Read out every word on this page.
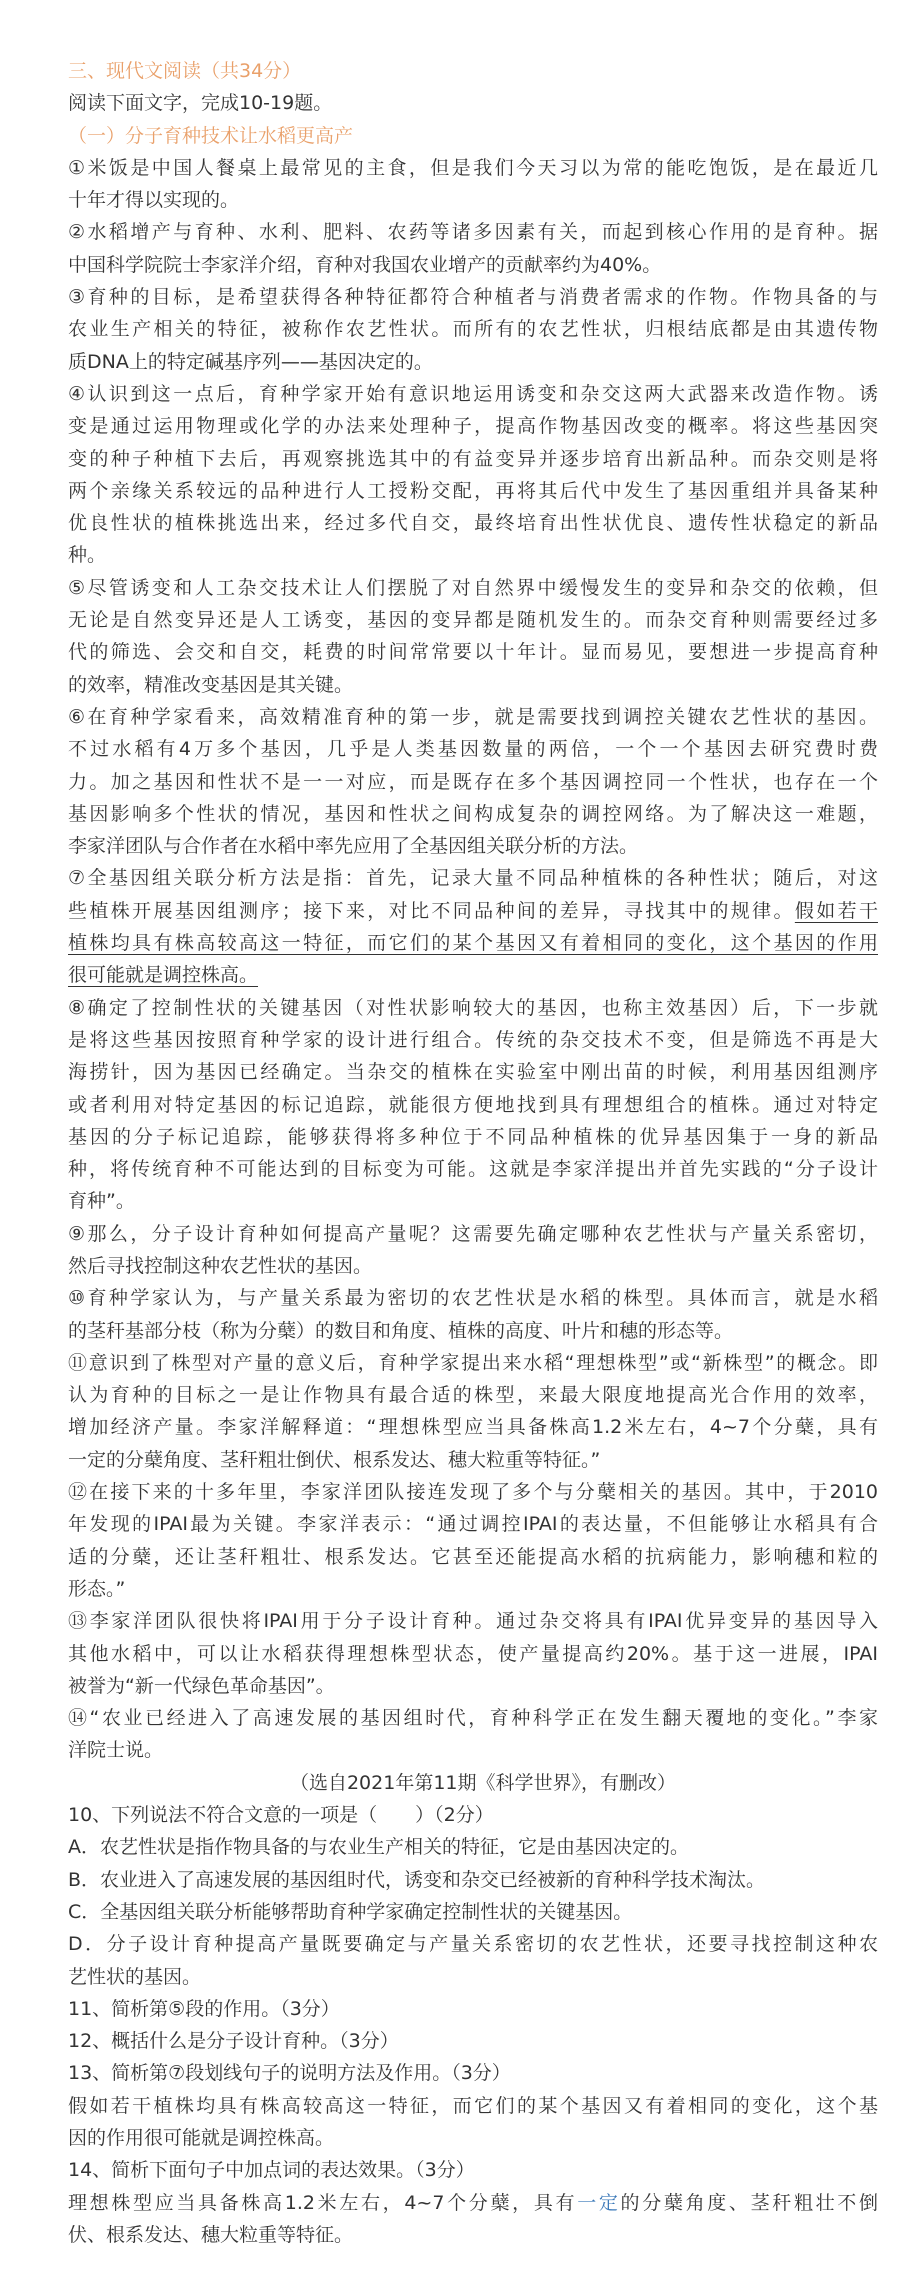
三、现代文阅读（共34分）
阅读下面文字，完成10-19题。
（一）分子育种技术让水稻更高产
①米饭是中国人餐桌上最常见的主食，但是我们今天习以为常的能吃饱饭，是在最近几
十年才得以实现的。
②水稻增产与育种、水利、肥料、农药等诸多因素有关，而起到核心作用的是育种。据
中国科学院院士李家洋介绍，育种对我国农业增产的贡献率约为40%。
③育种的目标，是希望获得各种特征都符合种植者与消费者需求的作物。作物具备的与
农业生产相关的特征，被称作农艺性状。而所有的农艺性状，归根结底都是由其遗传物
质DNA上的特定碱基序列——基因决定的。
④认识到这一点后，育种学家开始有意识地运用诱变和杂交这两大武器来改造作物。诱
变是通过运用物理或化学的办法来处理种子，提高作物基因改变的概率。将这些基因突
变的种子种植下去后，再观察挑选其中的有益变异并逐步培育出新品种。而杂交则是将
两个亲缘关系较远的品种进行人工授粉交配，再将其后代中发生了基因重组并具备某种
优良性状的植株挑选出来，经过多代自交，最终培育出性状优良、遗传性状稳定的新品
种。
⑤尽管诱变和人工杂交技术让人们摆脱了对自然界中缓慢发生的变异和杂交的依赖，但
无论是自然变异还是人工诱变，基因的变异都是随机发生的。而杂交育种则需要经过多
代的筛选、会交和自交，耗费的时间常常要以十年计。显而易见，要想进一步提高育种
的效率，精准改变基因是其关键。
⑥在育种学家看来，高效精准育种的第一步，就是需要找到调控关键农艺性状的基因。
不过水稻有4万多个基因，几乎是人类基因数量的两倍，一个一个基因去研究费时费
力。加之基因和性状不是一一对应，而是既存在多个基因调控同一个性状，也存在一个
基因影响多个性状的情况，基因和性状之间构成复杂的调控网络。为了解决这一难题，
李家洋团队与合作者在水稻中率先应用了全基因组关联分析的方法。
⑦全基因组关联分析方法是指：首先，记录大量不同品种植株的各种性状；随后，对这
些植株开展基因组测序；接下来，对比不同品种间的差异，寻找其中的规律。假如若干
植株均具有株高较高这一特征，而它们的某个基因又有着相同的变化，这个基因的作用
很可能就是调控株高。
⑧确定了控制性状的关键基因（对性状影响较大的基因，也称主效基因）后，下一步就
是将这些基因按照育种学家的设计进行组合。传统的杂交技术不变，但是筛选不再是大
海捞针，因为基因已经确定。当杂交的植株在实验室中刚出苗的时候，利用基因组测序
或者利用对特定基因的标记追踪，就能很方便地找到具有理想组合的植株。通过对特定
基因的分子标记追踪，能够获得将多种位于不同品种植株的优异基因集于一身的新品
种，将传统育种不可能达到的目标变为可能。这就是李家洋提出并首先实践的“分子设计
育种”。
⑨那么，分子设计育种如何提高产量呢？这需要先确定哪种农艺性状与产量关系密切，
然后寻找控制这种农艺性状的基因。
⑩育种学家认为，与产量关系最为密切的农艺性状是水稻的株型。具体而言，就是水稻
的茎秆基部分枝（称为分蘖）的数目和角度、植株的高度、叶片和穗的形态等。
⑪意识到了株型对产量的意义后，育种学家提出来水稻“理想株型”或“新株型”的概念。即
认为育种的目标之一是让作物具有最合适的株型，来最大限度地提高光合作用的效率，
增加经济产量。李家洋解释道：“理想株型应当具备株高1.2米左右，4~7个分蘖，具有
一定的分蘖角度、茎秆粗壮倒伏、根系发达、穗大粒重等特征。”
⑫在接下来的十多年里，李家洋团队接连发现了多个与分蘖相关的基因。其中，于2010
年发现的IPAI最为关键。李家洋表示：“通过调控IPAI的表达量，不但能够让水稻具有合
适的分蘖，还让茎秆粗壮、根系发达。它甚至还能提高水稻的抗病能力，影响穗和粒的
形态。”
⑬李家洋团队很快将IPAI用于分子设计育种。通过杂交将具有IPAI优异变异的基因导入
其他水稻中，可以让水稻获得理想株型状态，使产量提高约20%。基于这一进展，IPAI
被誉为“新一代绿色革命基因”。
⑭“农业已经进入了高速发展的基因组时代，育种科学正在发生翻天覆地的变化。”李家
洋院士说。
（选自2021年第11期《科学世界》，有删改）
10、下列说法不符合文意的一项是（　　）（2分）
A．农艺性状是指作物具备的与农业生产相关的特征，它是由基因决定的。
B．农业进入了高速发展的基因组时代，诱变和杂交已经被新的育种科学技术淘汰。
C．全基因组关联分析能够帮助育种学家确定控制性状的关键基因。
D．分子设计育种提高产量既要确定与产量关系密切的农艺性状，还要寻找控制这种农
艺性状的基因。
11、简析第⑤段的作用。（3分）
12、概括什么是分子设计育种。（3分）
13、简析第⑦段划线句子的说明方法及作用。（3分）
假如若干植株均具有株高较高这一特征，而它们的某个基因又有着相同的变化，这个基
因的作用很可能就是调控株高。
14、简析下面句子中加点词的表达效果。（3分）
理想株型应当具备株高1.2米左右，4~7个分蘖，具有一定的分蘖角度、茎秆粗壮不倒
伏、根系发达、穗大粒重等特征。
